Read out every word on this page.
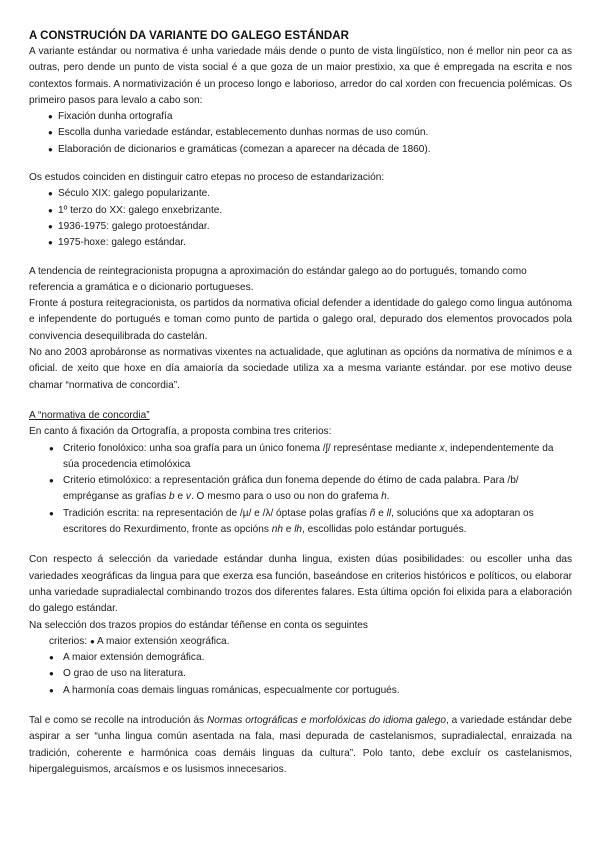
A CONSTRUCIÓN DA VARIANTE DO GALEGO ESTÁNDAR

A variante estándar ou normativa é unha variedade máis dende o punto de vista lingüístico, non é mellor nin peor ca as outras, pero dende un punto de vista social é a que goza de un maior prestixio, xa que é empregada na escrita e nos contextos formais. A normativización é un proceso longo e laborioso, arredor do cal xorden con frecuencia polémicas. Os primeiro pasos para levalo a cabo son:

● Fixación dunha ortografía
● Escolla dunha variedade estándar, establecemento dunhas normas de uso común.
● Elaboración de dicionarios e gramáticas (comezan a aparecer na década de 1860).

Os estudos coinciden en distinguir catro etepas no proceso de estandarización:

● Século XIX: galego popularizante.
● 1º terzo do XX: galego enxebrizante.
● 1936-1975: galego protoestándar.
● 1975-hoxe: galego estándar.

A tendencia de reintegracionista propugna a aproximación do estándar galego ao do portugués, tomando como referencia a gramática e o dicionario portugueses.

Fronte á postura reitegracionista, os partidos da normativa oficial defender a identidade do galego como lingua autónoma e infependente do portugués e toman como punto de partida o galego oral, depurado dos elementos provocados pola convivencia desequilibrada do castelán.

No ano 2003 aprobáronse as normativas vixentes na actualidade, que aglutinan as opcións da normativa de mínimos e a oficial. de xeito que hoxe en día amaioría da sociedade utiliza xa a mesma variante estándar. por ese motivo deuse chamar “normativa de concordia”.

A “normativa de concordia”

En canto á fixación da Ortografía, a proposta combina tres criterios:

● Criterio fonolóxico: unha soa grafía para un único fonema /ʃ/ represéntase mediante x, independentemente da súa procedencia etimolóxica
● Criterio etimolóxico: a representación gráfica dun fonema depende do étimo de cada palabra. Para /b/ empréganse as grafías b e v. O mesmo para o uso ou non do grafema h.
● Tradición escrita: na representación de /µ/ e /λ/ óptase polas grafías ñ e ll, solucións que xa adoptaran os escritores do Rexurdimento, fronte as opcións nh e lh, escollidas polo estándar portugués.

Con respecto á selección da variedade estándar dunha lingua, existen dúas posibilidades: ou escoller unha das variedades xeográficas da lingua para que exerza esa función, baseándose en criterios históricos e políticos, ou elaborar unha variedade supradialectal combinando trozos dos diferentes falares. Esta última opción foi elixida para a elaboración do galego estándar.

Na selección dos trazos propios do estándar téñense en conta os seguintes

criterios: ● A maior extensión xeográfica.

● A maior extensión demográfica.
● O grao de uso na literatura.
● A harmonía coas demais linguas románicas, especualmente cor portugués.

Tal e como se recolle na introdución ás Normas ortográficas e morfolóxicas do idioma galego, a variedade estándar debe aspirar a ser “unha lingua común asentada na fala, masi depurada de castelanismos, supradialectal, enraizada na tradición, coherente e harmónica coas demáis linguas da cultura”. Polo tanto, debe excluír os castelanismos, hipergaleguismos, arcaísmos e os lusismos innecesarios.
